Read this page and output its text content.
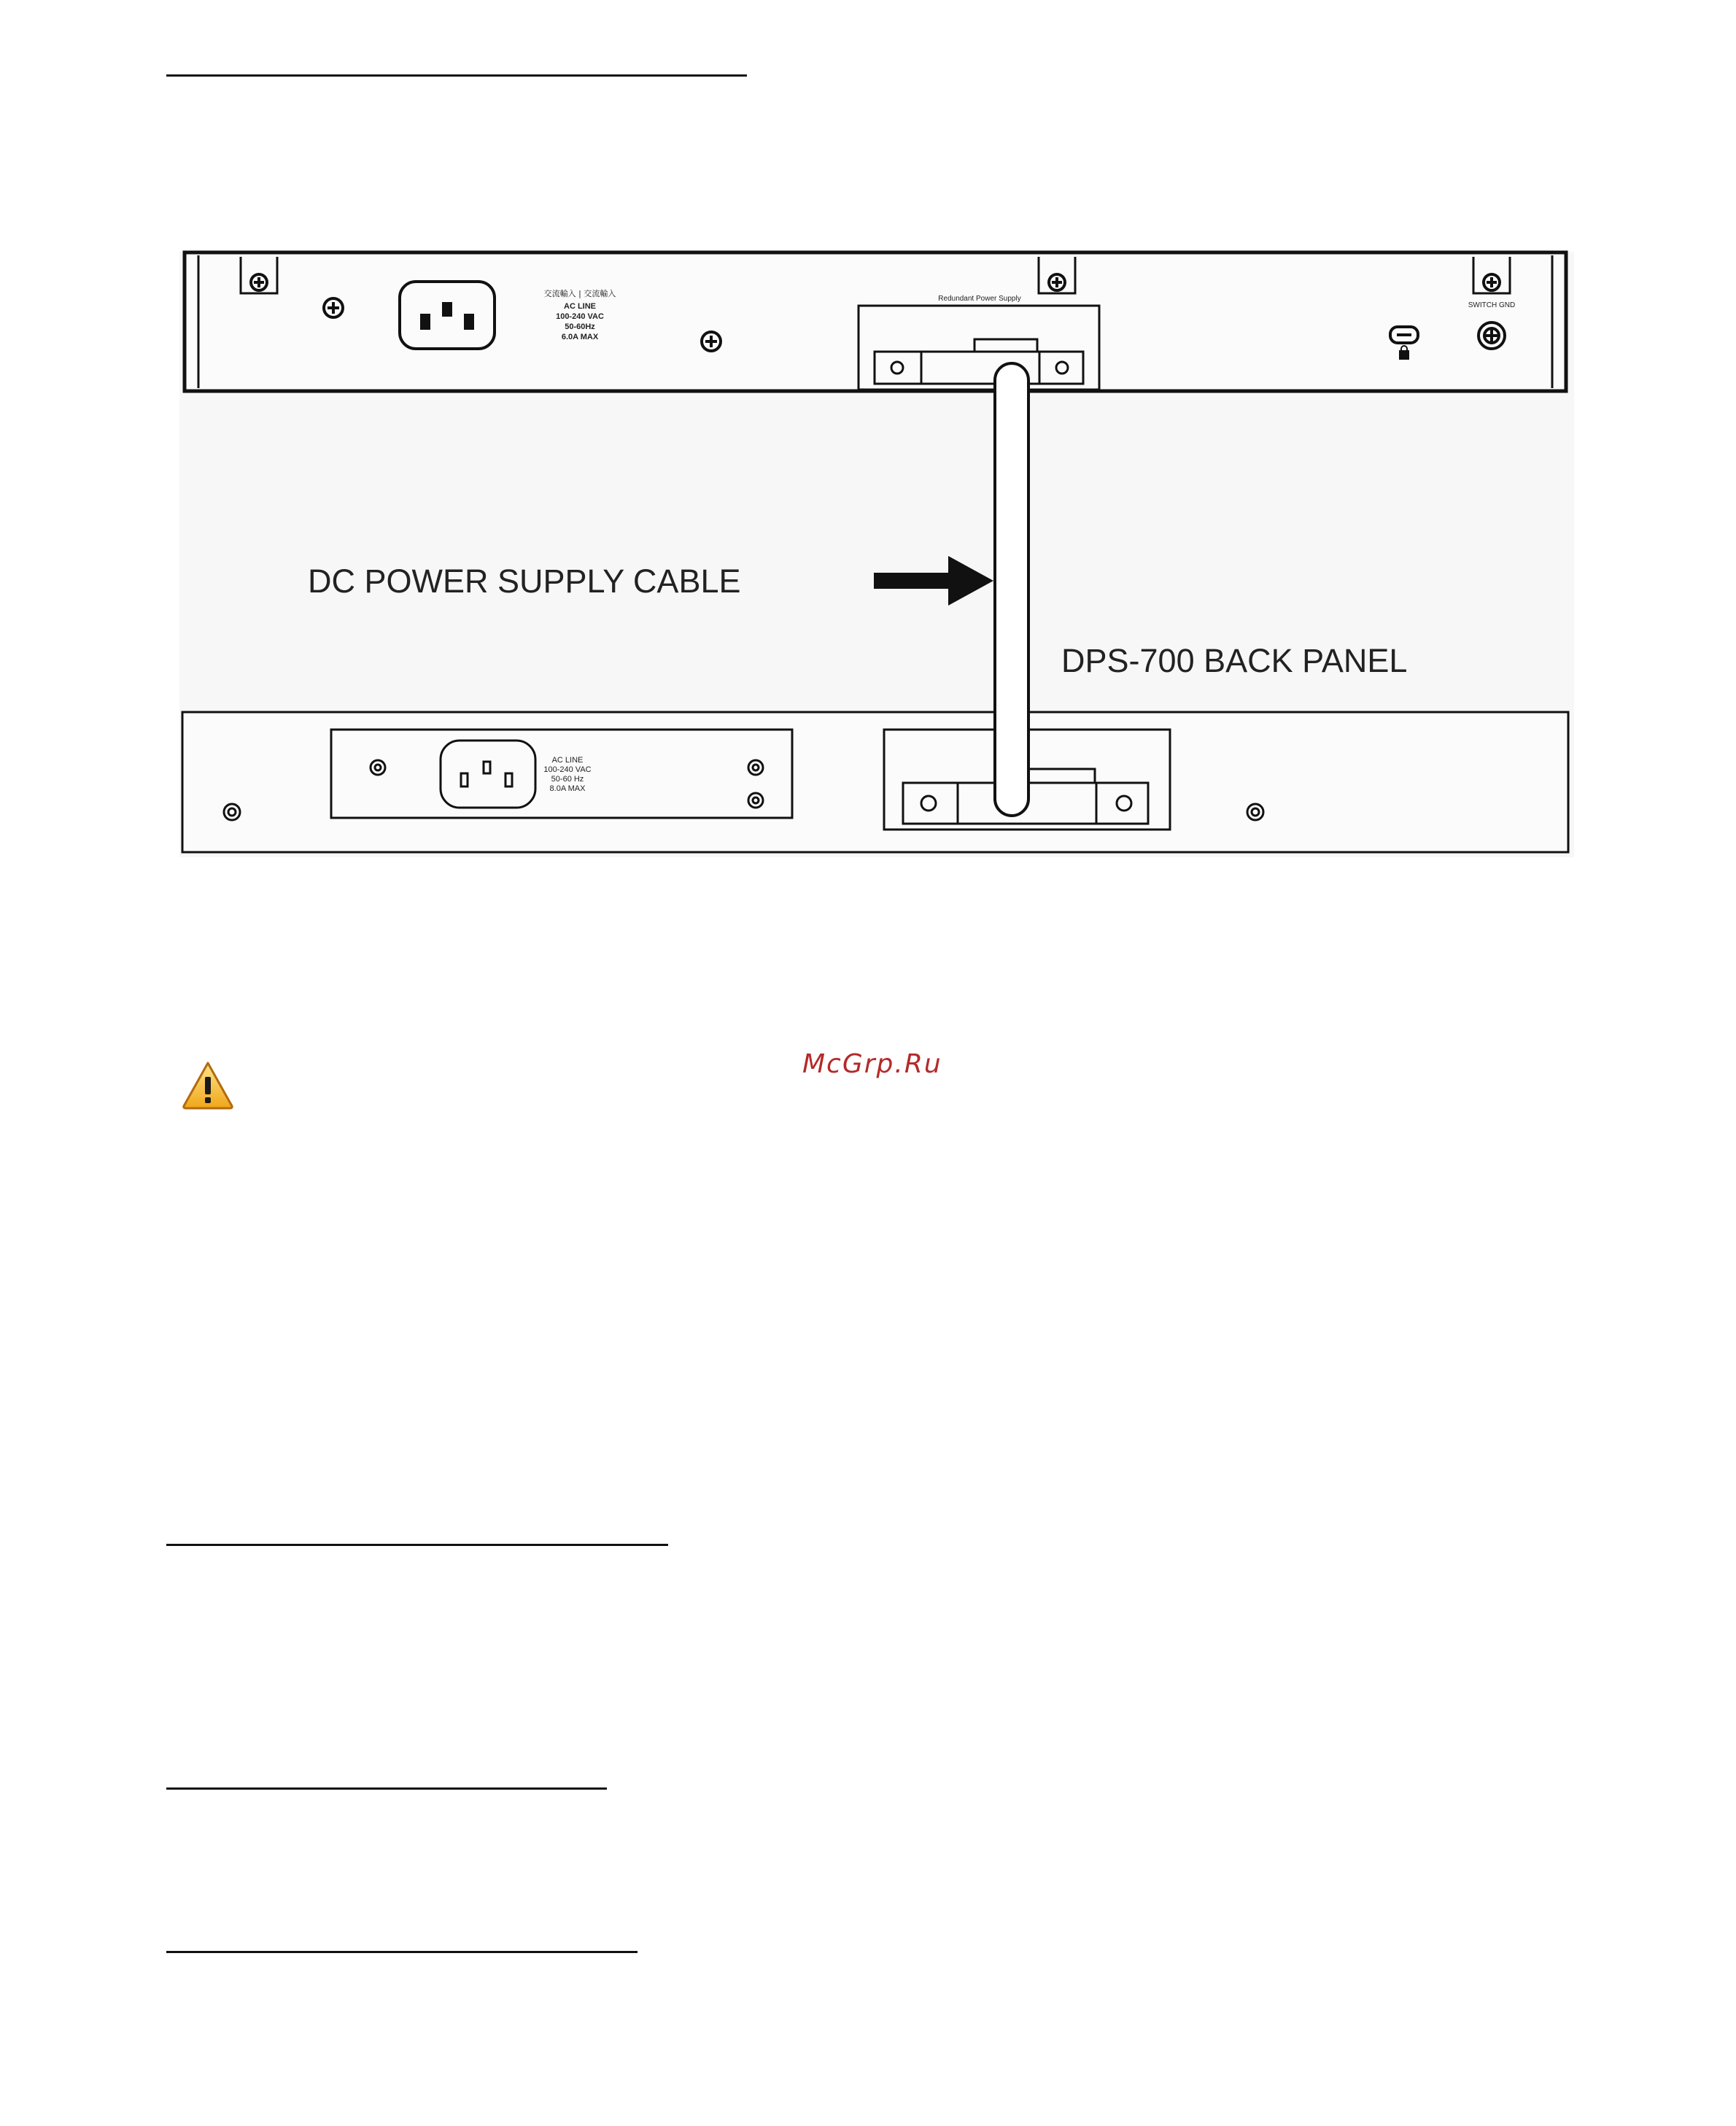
交流輸入 | 交流輸入
AC LINE
100-240 VAC
50-60Hz
6.0A MAX
Redundant Power Supply
SWITCH GND
AC LINE
100-240 VAC
50-60 Hz
8.0A MAX
DC POWER SUPPLY CABLE
DPS-700 BACK PANEL
McGrp.Ru
